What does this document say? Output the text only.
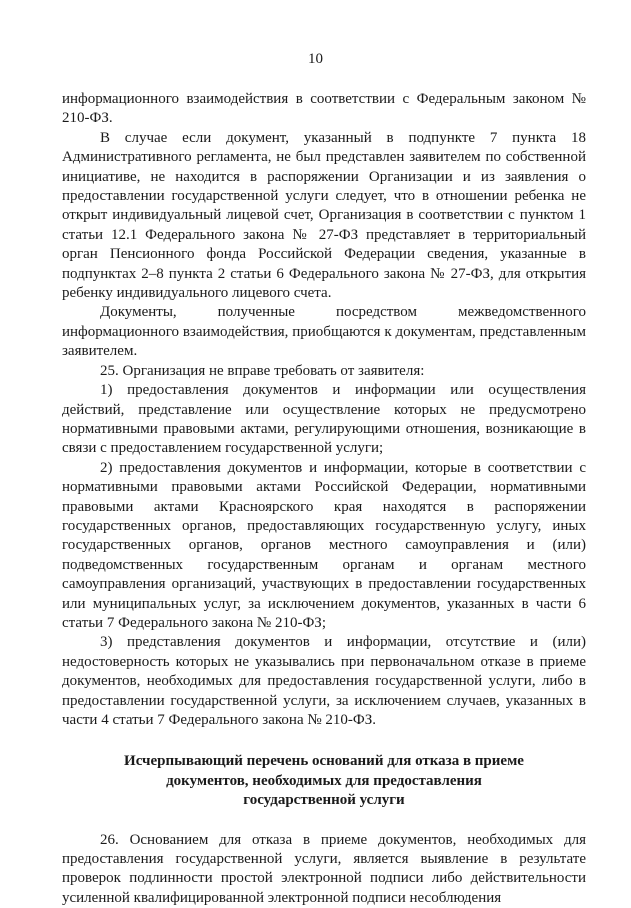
10

информационного взаимодействия в соответствии с Федеральным законом № 210-ФЗ.

В случае если документ, указанный в подпункте 7 пункта 18 Административного регламента, не был представлен заявителем по собственной инициативе, не находится в распоряжении Организации и из заявления о предоставлении государственной услуги следует, что в отношении ребенка не открыт индивидуальный лицевой счет, Организация в соответствии с пунктом 1 статьи 12.1 Федерального закона № 27-ФЗ представляет в территориальный орган Пенсионного фонда Российской Федерации сведения, указанные в подпунктах 2–8 пункта 2 статьи 6 Федерального закона № 27-ФЗ, для открытия ребенку индивидуального лицевого счета.

Документы, полученные посредством межведомственного информационного взаимодействия, приобщаются к документам, представленным заявителем.

25. Организация не вправе требовать от заявителя:

1) предоставления документов и информации или осуществления действий, представление или осуществление которых не предусмотрено нормативными правовыми актами, регулирующими отношения, возникающие в связи с предоставлением государственной услуги;

2) предоставления документов и информации, которые в соответствии с нормативными правовыми актами Российской Федерации, нормативными правовыми актами Красноярского края находятся в распоряжении государственных органов, предоставляющих государственную услугу, иных государственных органов, органов местного самоуправления и (или) подведомственных государственным органам и органам местного самоуправления организаций, участвующих в предоставлении государственных или муниципальных услуг, за исключением документов, указанных в части 6 статьи 7 Федерального закона № 210-ФЗ;

3) представления документов и информации, отсутствие и (или) недостоверность которых не указывались при первоначальном отказе в приеме документов, необходимых для предоставления государственной услуги, либо в предоставлении государственной услуги, за исключением случаев, указанных в части 4 статьи 7 Федерального закона № 210-ФЗ.

Исчерпывающий перечень оснований для отказа в приеме
документов, необходимых для предоставления
государственной услуги

26. Основанием для отказа в приеме документов, необходимых для предоставления государственной услуги, является выявление в результате проверок подлинности простой электронной подписи либо действительности усиленной квалифицированной электронной подписи несоблюдения
